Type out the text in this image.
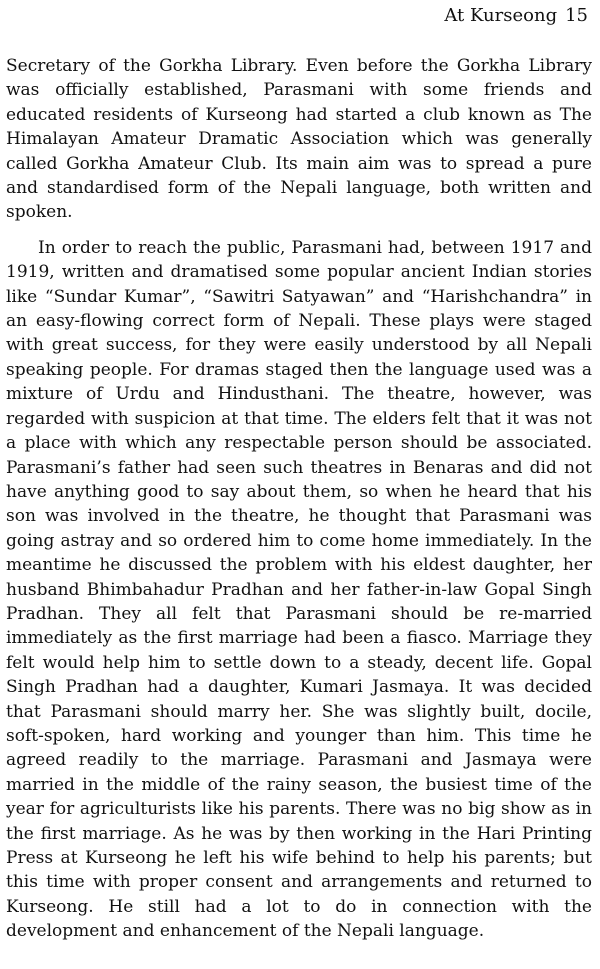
At Kurseong 15

Secretary of the Gorkha Library. Even before the Gorkha Library was officially established, Parasmani with some friends and educated residents of Kurseong had started a club known as The Himalayan Amateur Dramatic Association which was generally called Gorkha Amateur Club. Its main aim was to spread a pure and standardised form of the Nepali language, both written and spoken.

In order to reach the public, Parasmani had, between 1917 and 1919, written and dramatised some popular ancient Indian stories like “Sundar Kumar”, “Sawitri Satyawan” and “Harishchandra” in an easy-flowing correct form of Nepali. These plays were staged with great success, for they were easily understood by all Nepali speaking people. For dramas staged then the language used was a mixture of Urdu and Hindusthani. The theatre, however, was regarded with suspicion at that time. The elders felt that it was not a place with which any respectable person should be associated. Parasmani’s father had seen such theatres in Benaras and did not have anything good to say about them, so when he heard that his son was involved in the theatre, he thought that Parasmani was going astray and so ordered him to come home immediately. In the meantime he discussed the problem with his eldest daughter, her husband Bhimbahadur Pradhan and her father-in-law Gopal Singh Pradhan. They all felt that Parasmani should be re-married immediately as the first marriage had been a fiasco. Marriage they felt would help him to settle down to a steady, decent life. Gopal Singh Pradhan had a daughter, Kumari Jasmaya. It was decided that Parasmani should marry her. She was slightly built, docile, soft-spoken, hard working and younger than him. This time he agreed readily to the marriage. Parasmani and Jasmaya were married in the middle of the rainy season, the busiest time of the year for agriculturists like his parents. There was no big show as in the first marriage. As he was by then working in the Hari Printing Press at Kurseong he left his wife behind to help his parents; but this time with proper consent and arrangements and returned to Kurseong. He still had a lot to do in connection with the development and enhancement of the Nepali language.
